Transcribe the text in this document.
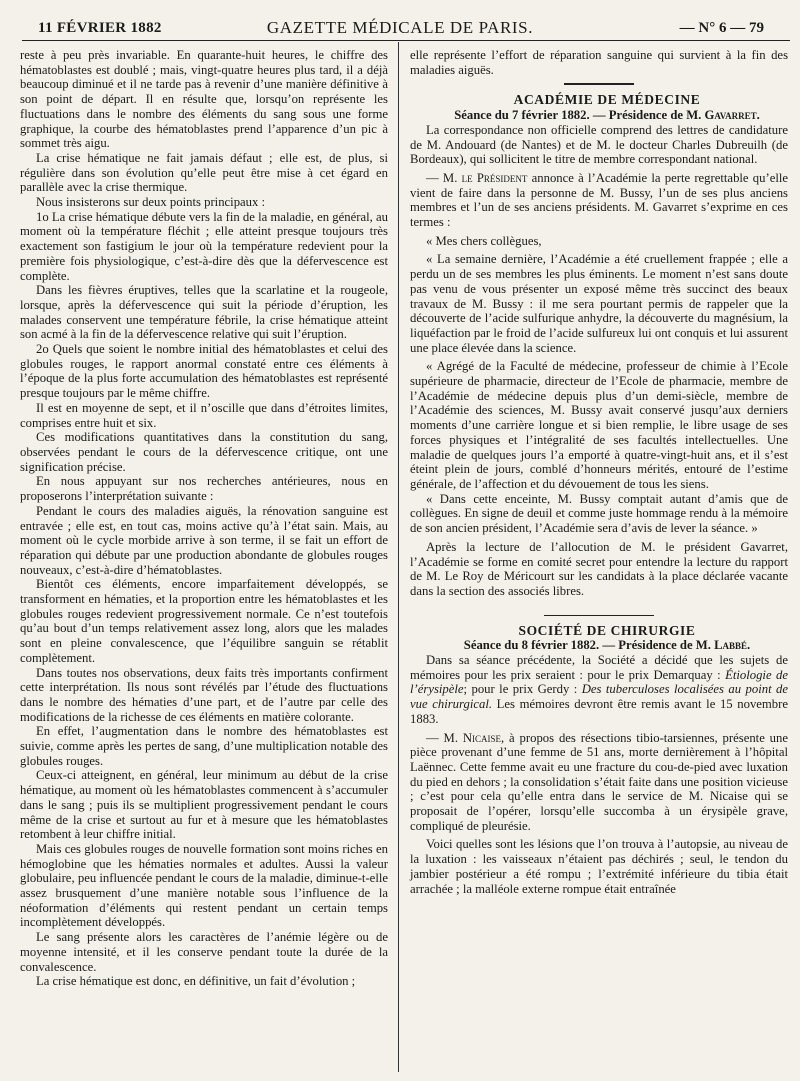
11 FÉVRIER 1882	GAZETTE MÉDICALE DE PARIS.	— N° 6 — 79

reste à peu près invariable. En quarante-huit heures, le chiffre des hématoblastes est doublé ; mais, vingt-quatre heures plus tard, il a déjà beaucoup diminué et il ne tarde pas à revenir d’une manière définitive à son point de départ. Il en résulte que, lorsqu’on représente les fluctuations dans le nombre des éléments du sang sous une forme graphique, la courbe des hématoblastes prend l’apparence d’un pic à sommet très aigu.

La crise hématique ne fait jamais défaut ; elle est, de plus, si régulière dans son évolution qu’elle peut être mise à cet égard en parallèle avec la crise thermique.

Nous insisterons sur deux points principaux :

1o La crise hématique débute vers la fin de la maladie, en général, au moment où la température fléchit ; elle atteint presque toujours très exactement son fastigium le jour où la température redevient pour la première fois physiologique, c’est-à-dire dès que la défervescence est complète.

Dans les fièvres éruptives, telles que la scarlatine et la rougeole, lorsque, après la défervescence qui suit la période d’éruption, les malades conservent une température fébrile, la crise hématique atteint son acmé à la fin de la défervescence relative qui suit l’éruption.

2o Quels que soient le nombre initial des hématoblastes et celui des globules rouges, le rapport anormal constaté entre ces éléments à l’époque de la plus forte accumulation des hématoblastes est représenté presque toujours par le même chiffre.

Il est en moyenne de sept, et il n’oscille que dans d’étroites limites, comprises entre huit et six.

Ces modifications quantitatives dans la constitution du sang, observées pendant le cours de la défervescence critique, ont une signification précise.

En nous appuyant sur nos recherches antérieures, nous en proposerons l’interprétation suivante :

Pendant le cours des maladies aiguës, la rénovation sanguine est entravée ; elle est, en tout cas, moins active qu’à l’état sain. Mais, au moment où le cycle morbide arrive à son terme, il se fait un effort de réparation qui débute par une production abondante de globules rouges nouveaux, c’est-à-dire d’hématoblastes.

Bientôt ces éléments, encore imparfaitement développés, se transforment en hématies, et la proportion entre les hématoblastes et les globules rouges redevient progressivement normale. Ce n’est toutefois qu’au bout d’un temps relativement assez long, alors que les malades sont en pleine convalescence, que l’équilibre sanguin se rétablit complètement.

Dans toutes nos observations, deux faits très importants confirment cette interprétation. Ils nous sont révélés par l’étude des fluctuations dans le nombre des hématies d’une part, et de l’autre par celle des modifications de la richesse de ces éléments en matière colorante.

En effet, l’augmentation dans le nombre des hématoblastes est suivie, comme après les pertes de sang, d’une multiplication notable des globules rouges.

Ceux-ci atteignent, en général, leur minimum au début de la crise hématique, au moment où les hématoblastes commencent à s’accumuler dans le sang ; puis ils se multiplient progressivement pendant le cours même de la crise et surtout au fur et à mesure que les hématoblastes retombent à leur chiffre initial.

Mais ces globules rouges de nouvelle formation sont moins riches en hémoglobine que les hématies normales et adultes. Aussi la valeur globulaire, peu influencée pendant le cours de la maladie, diminue-t-elle assez brusquement d’une manière notable sous l’influence de la néoformation d’éléments qui restent pendant un certain temps incomplètement développés.

Le sang présente alors les caractères de l’anémie légère ou de moyenne intensité, et il les conserve pendant toute la durée de la convalescence.

La crise hématique est donc, en définitive, un fait d’évolution ;

elle représente l’effort de réparation sanguine qui survient à la fin des maladies aiguës.

ACADÉMIE DE MÉDECINE

Séance du 7 février 1882. — Présidence de M. Gavarret.

La correspondance non officielle comprend des lettres de candidature de M. Andouard (de Nantes) et de M. le docteur Charles Dubreuilh (de Bordeaux), qui sollicitent le titre de membre correspondant national.

— M. le Président annonce à l’Académie la perte regrettable qu’elle vient de faire dans la personne de M. Bussy, l’un de ses plus anciens membres et l’un de ses anciens présidents. M. Gavarret s’exprime en ces termes :

« Mes chers collègues,

« La semaine dernière, l’Académie a été cruellement frappée ; elle a perdu un de ses membres les plus éminents. Le moment n’est sans doute pas venu de vous présenter un exposé même très succinct des beaux travaux de M. Bussy : il me sera pourtant permis de rappeler que la découverte de l’acide sulfurique anhydre, la découverte du magnésium, la liquéfaction par le froid de l’acide sulfureux lui ont conquis et lui assurent une place élevée dans la science.

« Agrégé de la Faculté de médecine, professeur de chimie à l’Ecole supérieure de pharmacie, directeur de l’Ecole de pharmacie, membre de l’Académie de médecine depuis plus d’un demi-siècle, membre de l’Académie des sciences, M. Bussy avait conservé jusqu’aux derniers moments d’une carrière longue et si bien remplie, le libre usage de ses forces physiques et l’intégralité de ses facultés intellectuelles. Une maladie de quelques jours l’a emporté à quatre-vingt-huit ans, et il s’est éteint plein de jours, comblé d’honneurs mérités, entouré de l’estime générale, de l’affection et du dévouement de tous les siens.

« Dans cette enceinte, M. Bussy comptait autant d’amis que de collègues. En signe de deuil et comme juste hommage rendu à la mémoire de son ancien président, l’Académie sera d’avis de lever la séance. »

Après la lecture de l’allocution de M. le président Gavarret, l’Académie se forme en comité secret pour entendre la lecture du rapport de M. Le Roy de Méricourt sur les candidats à la place déclarée vacante dans la section des associés libres.

SOCIÉTÉ DE CHIRURGIE

Séance du 8 février 1882. — Présidence de M. Labbé.

Dans sa séance précédente, la Société a décidé que les sujets de mémoires pour les prix seraient : pour le prix Demarquay : Étiologie de l’érysipèle; pour le prix Gerdy : Des tuberculoses localisées au point de vue chirurgical. Les mémoires devront être remis avant le 15 novembre 1883.

— M. Nicaise, à propos des résections tibio-tarsiennes, présente une pièce provenant d’une femme de 51 ans, morte dernièrement à l’hôpital Laënnec. Cette femme avait eu une fracture du cou-de-pied avec luxation du pied en dehors ; la consolidation s’était faite dans une position vicieuse ; c’est pour cela qu’elle entra dans le service de M. Nicaise qui se proposait de l’opérer, lorsqu’elle succomba à un érysipèle grave, compliqué de pleurésie.

Voici quelles sont les lésions que l’on trouva à l’autopsie, au niveau de la luxation : les vaisseaux n’étaient pas déchirés ; seul, le tendon du jambier postérieur a été rompu ; l’extrémité inférieure du tibia était arrachée ; la malléole externe rompue était entraînée
